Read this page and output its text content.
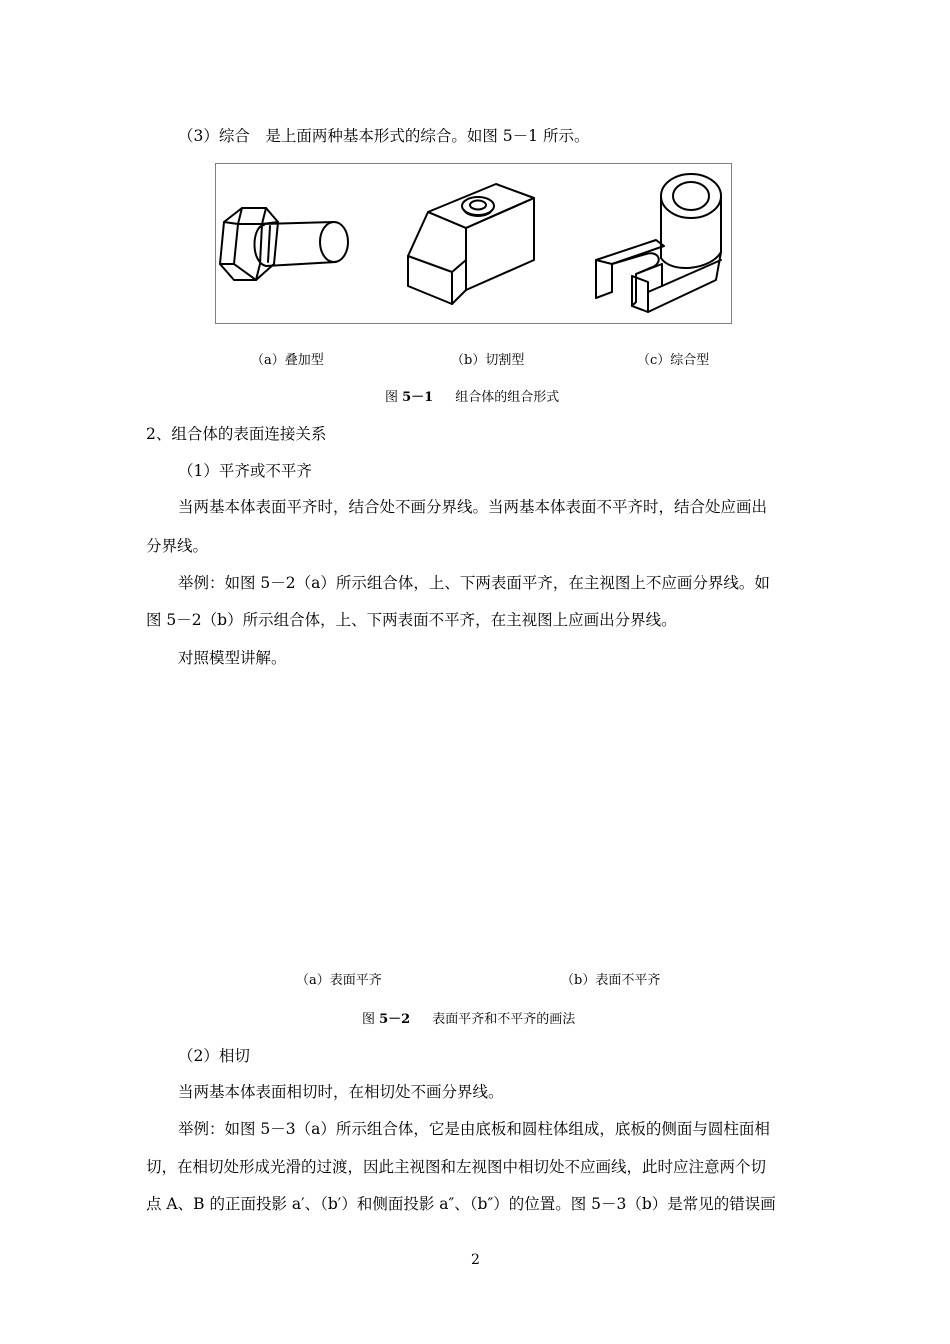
（3）综合　是上面两种基本形式的综合。如图 5－1 所示。
（a）叠加型	（b）切割型	（c）综合型
图 5－1 组合体的组合形式
2、组合体的表面连接关系
（1）平齐或不平齐
当两基本体表面平齐时，结合处不画分界线。当两基本体表面不平齐时，结合处应画出
分界线。
举例：如图 5－2（a）所示组合体，上、下两表面平齐，在主视图上不应画分界线。如
图 5－2（b）所示组合体，上、下两表面不平齐，在主视图上应画出分界线。
对照模型讲解。
（a）表面平齐	（b）表面不平齐
图 5－2 表面平齐和不平齐的画法
（2）相切
当两基本体表面相切时，在相切处不画分界线。
举例：如图 5－3（a）所示组合体，它是由底板和圆柱体组成，底板的侧面与圆柱面相
切，在相切处形成光滑的过渡，因此主视图和左视图中相切处不应画线，此时应注意两个切
点 A、B 的正面投影 a′、（b′）和侧面投影 a″、（b″）的位置。图 5－3（b）是常见的错误画
2
